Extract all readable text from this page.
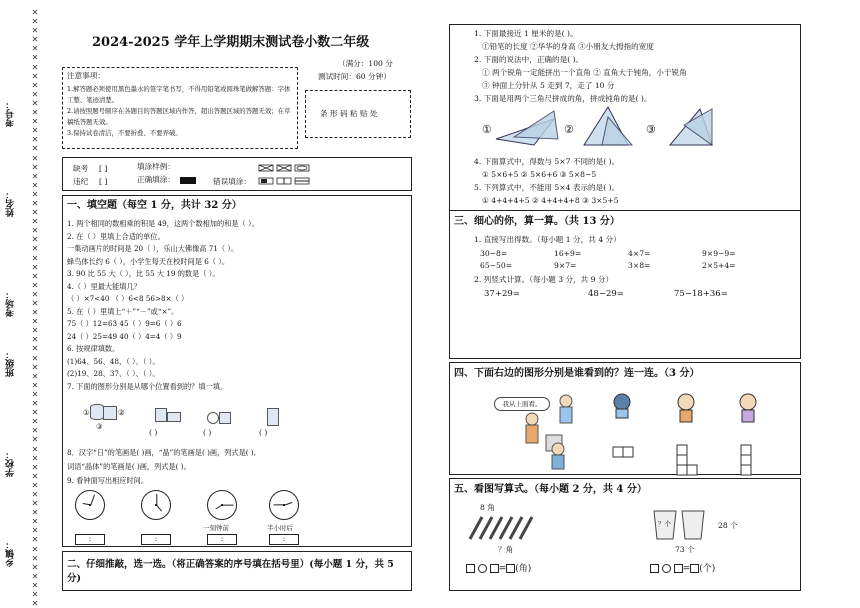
✕
✕
✕
✕
✕
✕
✕
✕
✕
✕
✕
✕
✕
✕
✕
✕
✕
✕
✕
✕
✕
✕
✕
✕
✕
✕
✕
✕
✕
✕
✕
✕
✕
✕
✕
✕
✕
✕
✕
✕
✕
✕
✕
✕
✕
✕
✕
✕
✕
✕
✕
✕
✕
✕
✕
✕
✕
✕
✕
✕
✕
✕
✕
✕
✕
✕
考号：
姓名：
考场：
班级：
学校：
乡镇：
2024-2025 学年上学期期末测试卷小数二年级
（满分：100 分
测试时间：60 分钟）
注意事项：
1.解答题必须使用黑色墨水的签字笔书写，不得用铅笔或圆珠笔做解答题：字体工整、笔迹清楚。
2.请按照题号顺序在各题目的答题区域内作答，超出答题区域的答题无效；在草稿纸答题无效。
3.保持试卷清洁，不要折叠、不要弄破。
条 形 码 粘 贴 处
缺考 [ ]
违纪 [ ]
填涂样例：
正确填涂：	错误填涂：
一、填空题（每空 1 分，共计 32 分）
1. 两个相同的数相乘的积是 49，这两个数相加的和是（ ）。
2. 在（ ）里填上合适的单位。
一集动画片的时间是 20（ ），乐山大佛像高 71（ ）。
蜂鸟体长约 6（ ），小学生每天在校时间是 6（ ）。
3. 90 比 55 大（ ），比 55 大 19 的数是（ ）。
4.（ ）里最大能填几？
（ ）×7<40 （ ）6<8 56>8×（ ）
5. 在（ ）里填上“＋”“－”或“×”。
75（ ）12=63 45（ ）9=6（ ）6
24（ ）25=49 40（ ）4=4（ ）9
6. 按规律填数。
(1)64、56、48、（ ）、（ ）。
(2)19、28、37、（ ）、（ ）。
7. 下面的图形分别是从哪个位置看到的？填一填。
②
①
③
( )	( )	( )
8．汉字“日”的笔画是( )画，“晶”的笔画是( )画，列式是( ),
词语“晶体”的笔画是( )画，列式是( )。
9. 看钟面写出相应时间。
一刻钟前	半小时后
:	:	:	:
二、仔细推敲，选一选。（将正确答案的序号填在括号里）(每小题 1 分，共 5 分)
1. 下面最接近 1 厘米的是( )。
①铅笔的长度 ②华华的身高 ③小朋友大拇指的宽度
2. 下面的说法中，正确的是( )。
① 两个锐角一定能拼出一个直角 ② 直角大于钝角，小于锐角
③ 钟面上分针从 5 走到 7，走了 10 分
3. 下面是用两个三角尺拼成的角，拼成钝角的是( )。
①	②	③
4. 下面算式中，得数与 5×7 不同的是( )。
① 5×6+5 ② 5×6+6 ③ 5×8−5
5. 下列算式中，不能用 5×4 表示的是( )。
① 4+4+4+5 ② 4+4+4+8 ③ 3×5+5
三、细心的你，算一算。（共 13 分）
1. 直接写出得数。（每小题 1 分，共 4 分）
30−8=	16+9=	4×7=	9×9−9=
65−50=	9×7=	3×8=	2×5+4=
2. 列竖式计算。（每小题 3 分，共 9 分）
37+29=	48−29=	75−18+36=
四、下面右边的图形分别是谁看到的？连一连。（3 分）
我从上面看。
五、看图写算式。（每小题 2 分，共 4 分）
8 角
？角
= (角)
？个	28 个
73 个
= (个)
